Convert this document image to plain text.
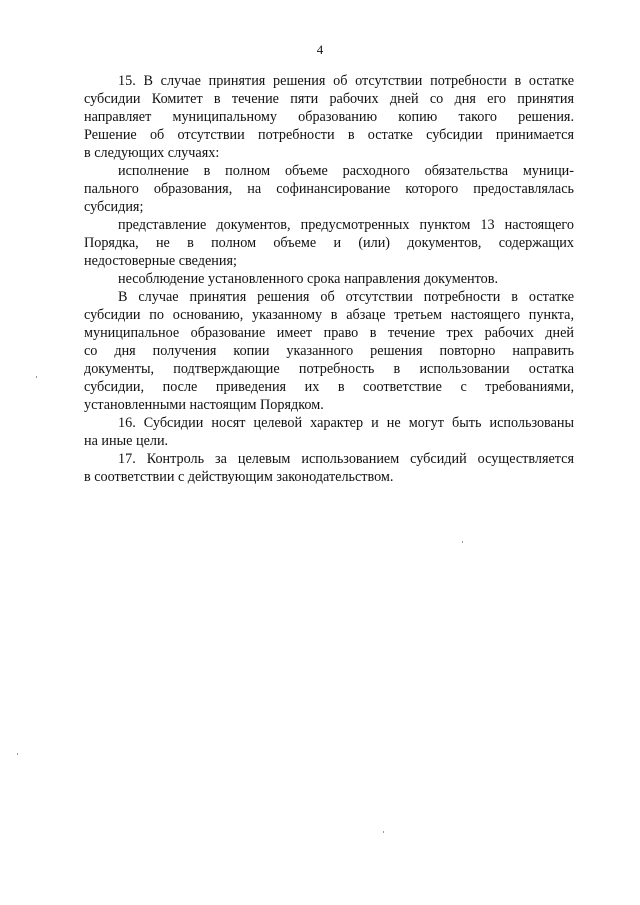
4
15. В случае принятия решения об отсутствии потребности в остатке
субсидии Комитет в течение пяти рабочих дней со дня его принятия
направляет муниципальному образованию копию такого решения.
Решение об отсутствии потребности в остатке субсидии принимается
в следующих случаях:
исполнение в полном объеме расходного обязательства муници-
пального образования, на софинансирование которого предоставлялась
субсидия;
представление документов, предусмотренных пунктом 13 настоящего
Порядка, не в полном объеме и (или) документов, содержащих
недостоверные сведения;
несоблюдение установленного срока направления документов.
В случае принятия решения об отсутствии потребности в остатке
субсидии по основанию, указанному в абзаце третьем настоящего пункта,
муниципальное образование имеет право в течение трех рабочих дней
со дня получения копии указанного решения повторно направить
документы, подтверждающие потребность в использовании остатка
субсидии, после приведения их в соответствие с требованиями,
установленными настоящим Порядком.
16. Субсидии носят целевой характер и не могут быть использованы
на иные цели.
17. Контроль за целевым использованием субсидий осуществляется
в соответствии с действующим законодательством.
